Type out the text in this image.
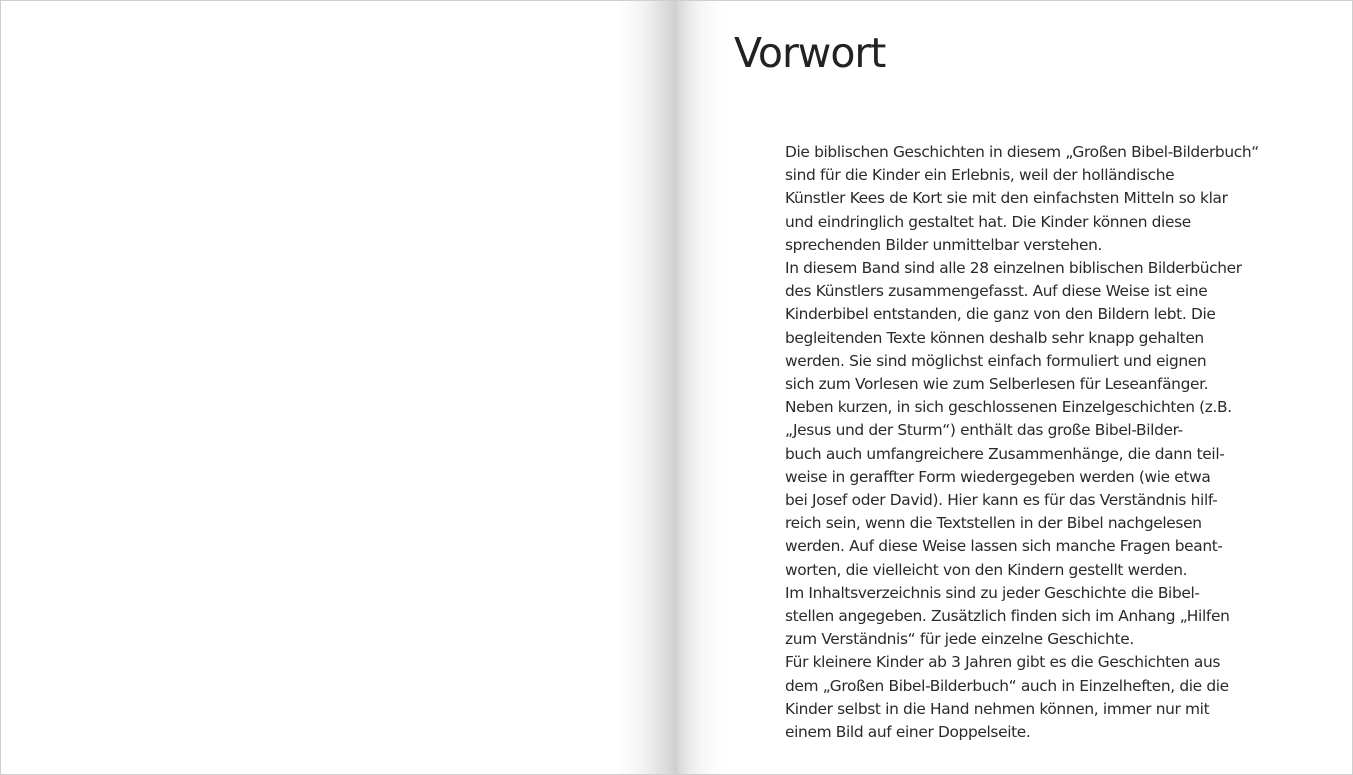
Vorwort
Die biblischen Geschichten in diesem „Großen Bibel-Bilderbuch“
sind für die Kinder ein Erlebnis, weil der holländische
Künstler Kees de Kort sie mit den einfachsten Mitteln so klar
und eindringlich gestaltet hat. Die Kinder können diese
sprechenden Bilder unmittelbar verstehen.
In diesem Band sind alle 28 einzelnen biblischen Bilderbücher
des Künstlers zusammengefasst. Auf diese Weise ist eine
Kinderbibel entstanden, die ganz von den Bildern lebt. Die
begleitenden Texte können deshalb sehr knapp gehalten
werden. Sie sind möglichst einfach formuliert und eignen
sich zum Vorlesen wie zum Selberlesen für Leseanfänger.
Neben kurzen, in sich geschlossenen Einzelgeschichten (z.B.
„Jesus und der Sturm“) enthält das große Bibel-Bilder-
buch auch umfangreichere Zusammenhänge, die dann teil-
weise in geraffter Form wiedergegeben werden (wie etwa
bei Josef oder David). Hier kann es für das Verständnis hilf-
reich sein, wenn die Textstellen in der Bibel nachgelesen
werden. Auf diese Weise lassen sich manche Fragen beant-
worten, die vielleicht von den Kindern gestellt werden.
Im Inhaltsverzeichnis sind zu jeder Geschichte die Bibel-
stellen angegeben. Zusätzlich finden sich im Anhang „Hilfen
zum Verständnis“ für jede einzelne Geschichte.
Für kleinere Kinder ab 3 Jahren gibt es die Geschichten aus
dem „Großen Bibel-Bilderbuch“ auch in Einzelheften, die die
Kinder selbst in die Hand nehmen können, immer nur mit
einem Bild auf einer Doppelseite.
